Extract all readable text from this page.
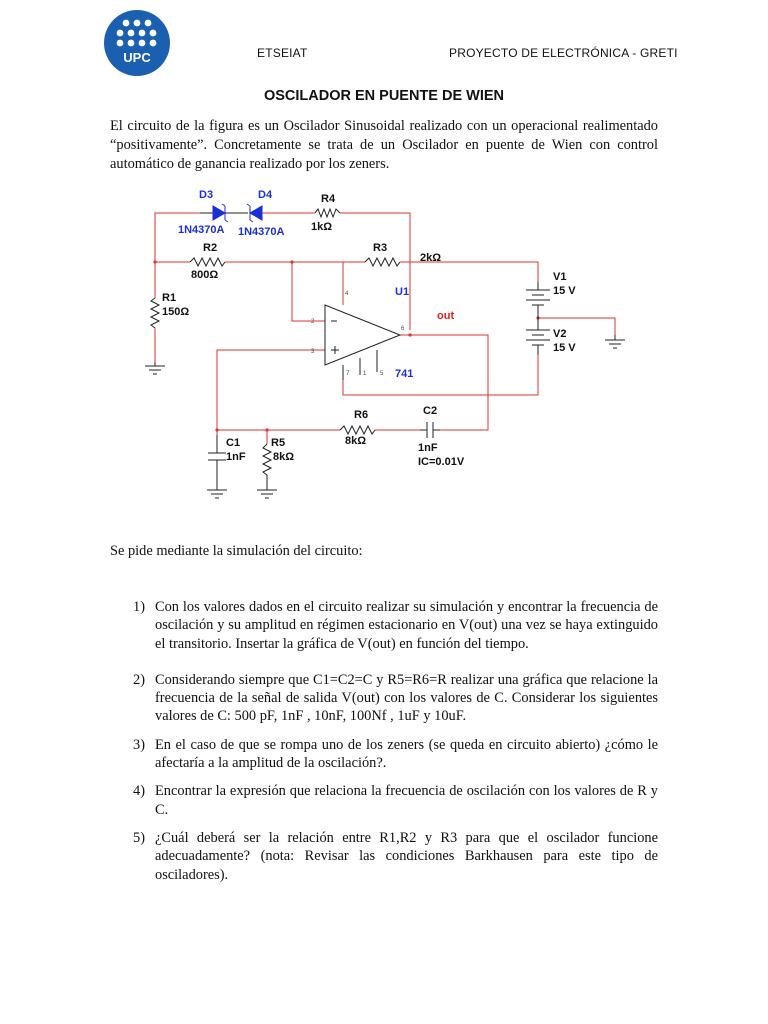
UPC	ETSEIAT	PROYECTO DE ELECTRÓNICA - GRETI
OSCILADOR EN PUENTE DE WIEN
El circuito de la figura es un Oscilador Sinusoidal realizado con un operacional realimentado “positivamente”. Concretamente se trata de un Oscilador en puente de Wien con control automático de ganancia realizado por los zeners.
D3	D4
1N4370A 1N4370A
R4
1kΩ
R2
800Ω
R3
2kΩ
R1
150Ω
U1
741
out
V1
15 V
V2
15 V
R6
8kΩ
C2
1nF
IC=0.01V
C1
1nF
R5
8kΩ
4
2
3
6
7 1 5
Se pide mediante la simulación del circuito:
1) Con los valores dados en el circuito realizar su simulación y encontrar la frecuencia de oscilación y su amplitud en régimen estacionario en V(out) una vez se haya extinguido el transitorio. Insertar la gráfica de V(out) en función del tiempo.
2) Considerando siempre que C1=C2=C y R5=R6=R realizar una gráfica que relacione la frecuencia de la señal de salida V(out) con los valores de C. Considerar los siguientes valores de C: 500 pF, 1nF , 10nF, 100Nf , 1uF y 10uF.
3) En el caso de que se rompa uno de los zeners (se queda en circuito abierto) ¿cómo le afectaría a la amplitud de la oscilación?.
4) Encontrar la expresión que relaciona la frecuencia de oscilación con los valores de R y C.
5) ¿Cuál deberá ser la relación entre R1,R2 y R3 para que el oscilador funcione adecuadamente? (nota: Revisar las condiciones Barkhausen para este tipo de osciladores).
